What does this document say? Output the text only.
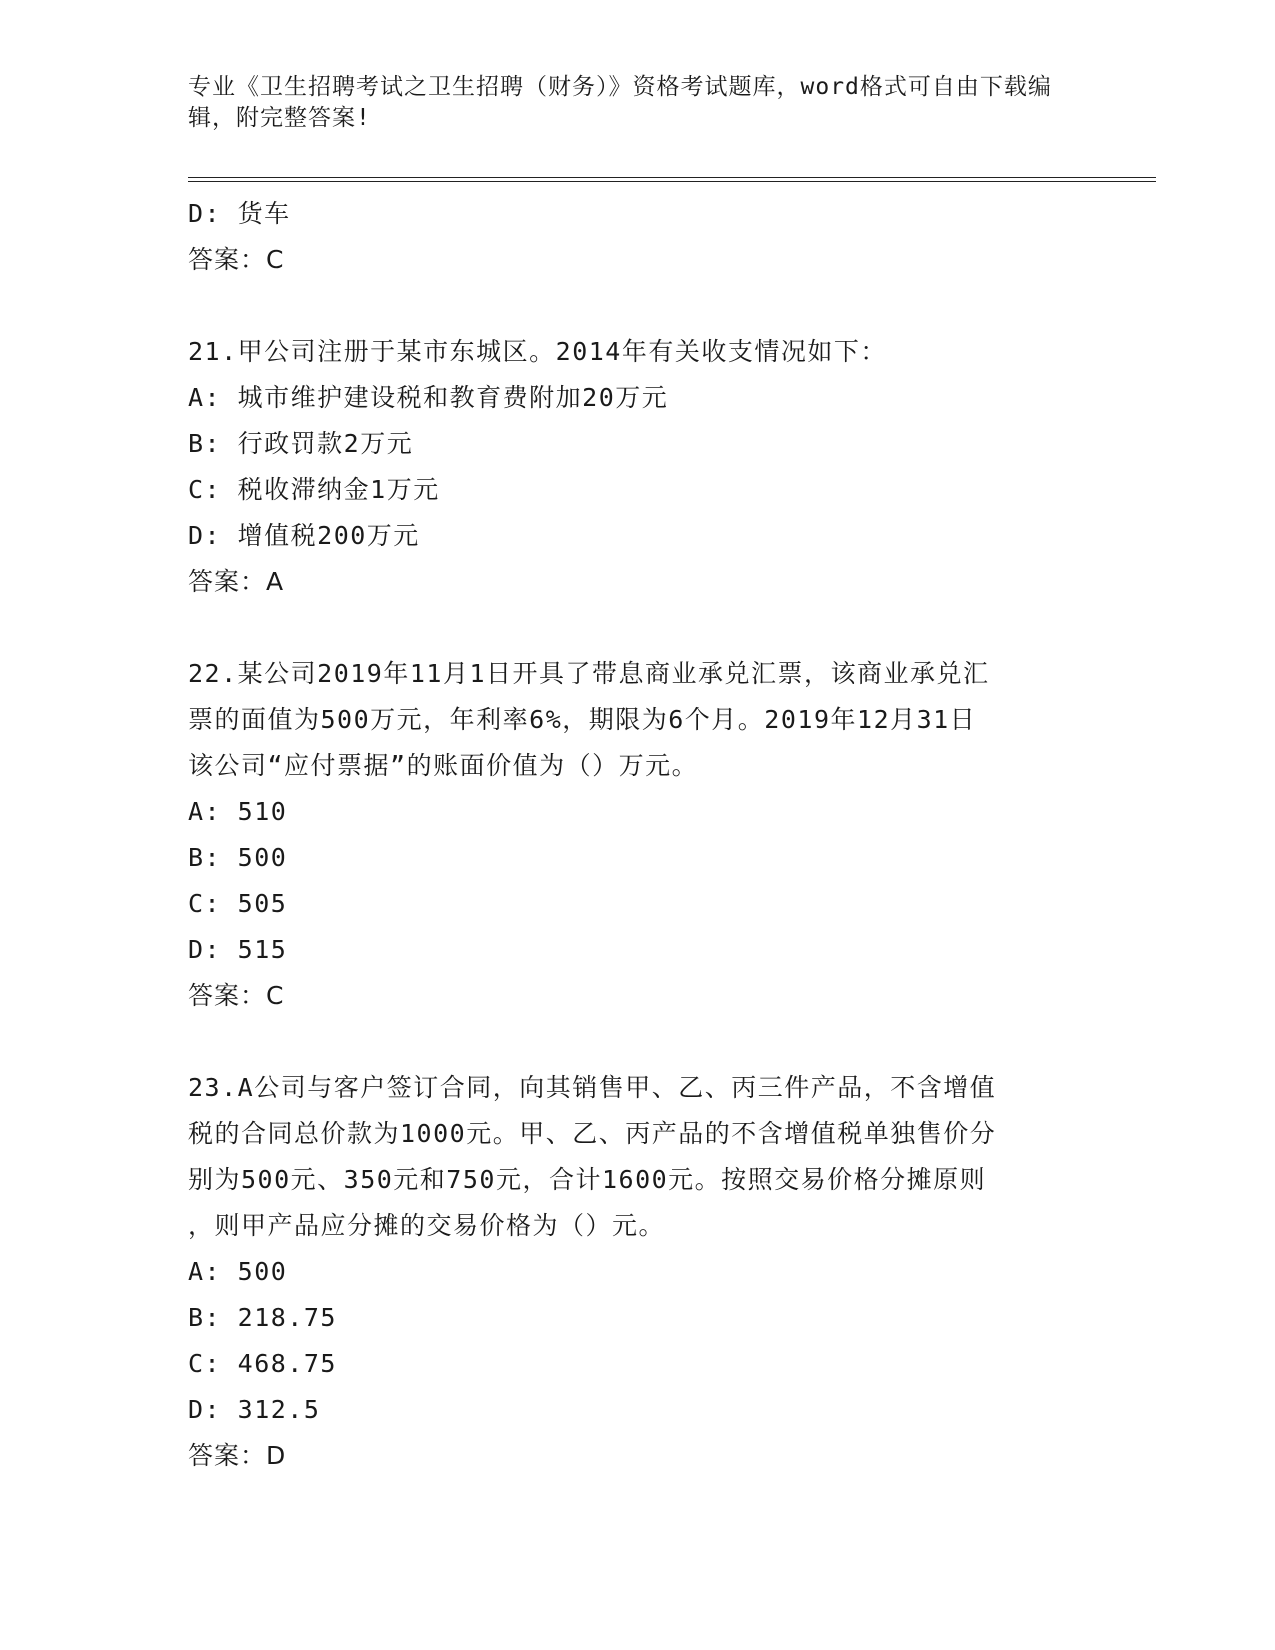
专业《卫生招聘考试之卫生招聘（财务）》资格考试题库，word格式可自由下载编辑，附完整答案!
D: 货车
答案：C
21.甲公司注册于某市东城区。2014年有关收支情况如下：
A: 城市维护建设税和教育费附加20万元
B: 行政罚款2万元
C: 税收滞纳金1万元
D: 增值税200万元
答案：A
22.某公司2019年11月1日开具了带息商业承兑汇票，该商业承兑汇
票的面值为500万元，年利率6%，期限为6个月。2019年12月31日
该公司“应付票据”的账面价值为（）万元。
A: 510
B: 500
C: 505
D: 515
答案：C
23.A公司与客户签订合同，向其销售甲、乙、丙三件产品，不含增值
税的合同总价款为1000元。甲、乙、丙产品的不含增值税单独售价分
别为500元、350元和750元，合计1600元。按照交易价格分摊原则
，则甲产品应分摊的交易价格为（）元。
A: 500
B: 218.75
C: 468.75
D: 312.5
答案：D
